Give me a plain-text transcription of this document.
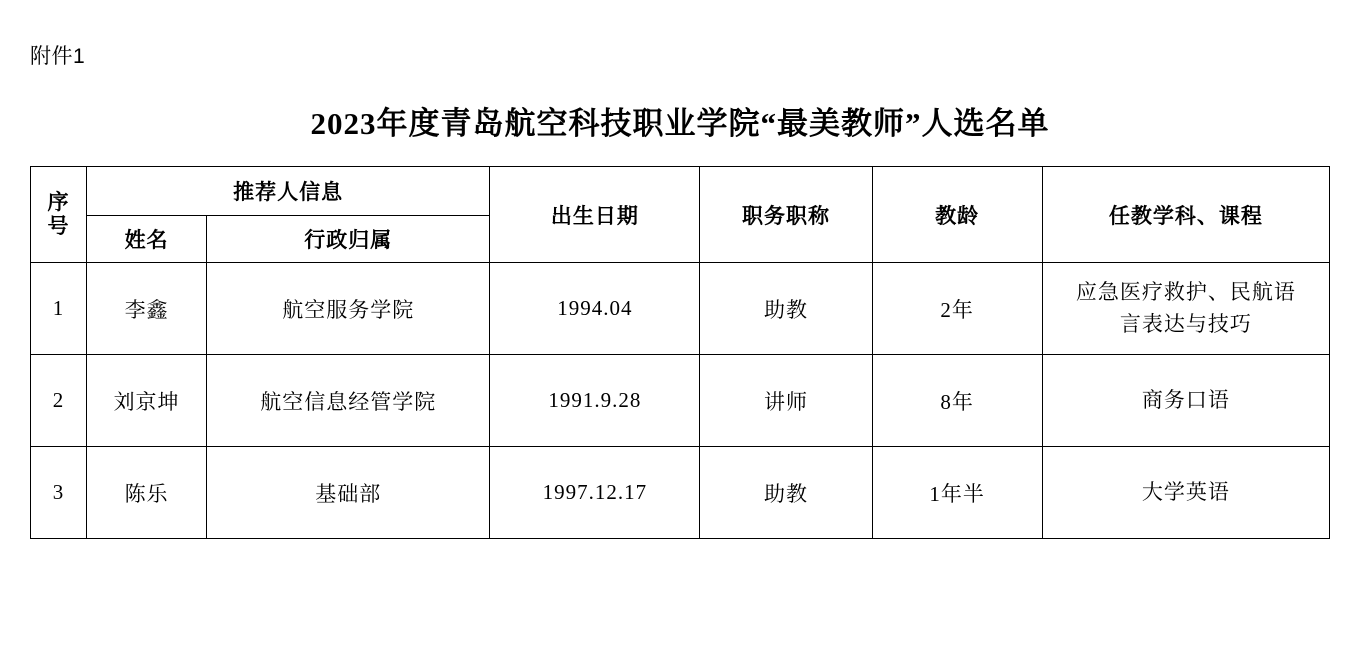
附件1
2023年度青岛航空科技职业学院“最美教师”人选名单
序
号	推荐人信息		出生日期	职务职称	教龄	任教学科、课程
	姓名	行政归属				
1	李鑫	航空服务学院	1994.04	助教	2年	应急医疗救护、民航语
言表达与技巧

2	刘京坤	航空信息经管学院	1991.9.28	讲师	8年	商务口语

3	陈乐	基础部	1997.12.17	助教	1年半	大学英语
